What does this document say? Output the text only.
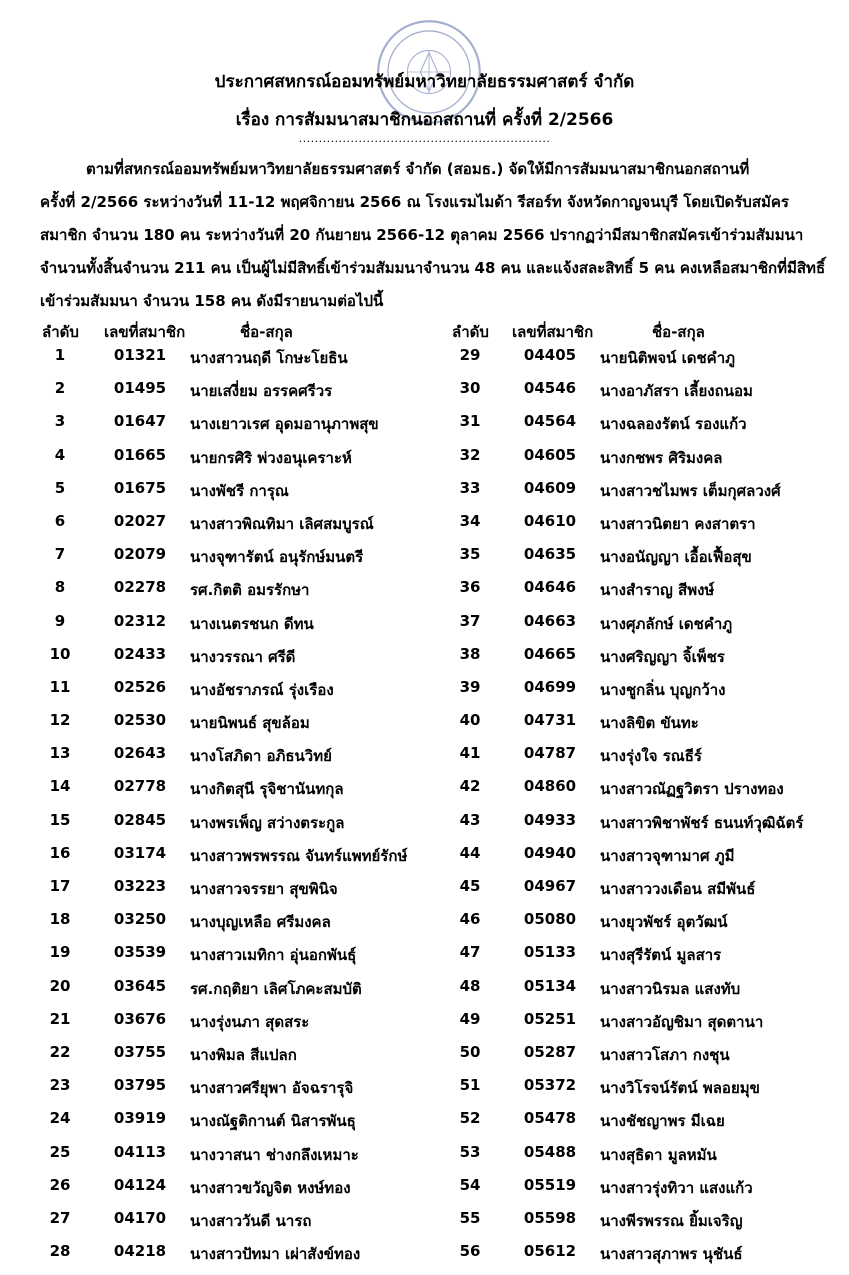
ประกาศสหกรณ์ออมทรัพย์มหาวิทยาลัยธรรมศาสตร์ จำกัด
เรื่อง การสัมมนาสมาชิกนอกสถานที่ ครั้งที่ 2/2566
...............................................................
ตามที่สหกรณ์ออมทรัพย์มหาวิทยาลัยธรรมศาสตร์ จำกัด (สอมธ.) จัดให้มีการสัมมนาสมาชิกนอกสถานที่
ครั้งที่ 2/2566 ระหว่างวันที่ 11-12 พฤศจิกายน 2566 ณ โรงแรมไมด้า รีสอร์ท จังหวัดกาญจนบุรี โดยเปิดรับสมัคร
สมาชิก จำนวน 180 คน ระหว่างวันที่ 20 กันยายน 2566-12 ตุลาคม 2566 ปรากฏว่ามีสมาชิกสมัครเข้าร่วมสัมมนา
จำนวนทั้งสิ้นจำนวน 211 คน เป็นผู้ไม่มีสิทธิ์เข้าร่วมสัมมนาจำนวน 48 คน และแจ้งสละสิทธิ์ 5 คน คงเหลือสมาชิกที่มีสิทธิ์
เข้าร่วมสัมมนา จำนวน 158 คน ดังมีรายนามต่อไปนี้
ลำดับ เลขที่สมาชิก	ชื่อ-สกุล	ลำดับ เลขที่สมาชิก	ชื่อ-สกุล
1	01321	นางสาวนฤดี โกษะโยธิน
2	01495	นายเสงี่ยม อรรคศรีวร
3	01647	นางเยาวเรศ อุดมอานุภาพสุข
4	01665	นายกรศิริ พ่วงอนุเคราะห์
5	01675	นางพัชรี การุณ
6	02027	นางสาวพิณทิมา เลิศสมบูรณ์
7	02079	นางจุฑารัตน์ อนุรักษ์มนตรี
8	02278	รศ.กิตติ อมรรักษา
9	02312	นางเนตรชนก ดีทน
10	02433	นางวรรณา ศรีดี
11	02526	นางอัชราภรณ์ รุ่งเรือง
12	02530	นายนิพนธ์ สุขล้อม
13	02643	นางโสภิดา อภิธนวิทย์
14	02778	นางกิตสุนี รุจิชานันทกุล
15	02845	นางพรเพ็ญ สว่างตระกูล
16	03174	นางสาวพรพรรณ จันทร์แพทย์รักษ์
17	03223	นางสาวจรรยา สุขพินิจ
18	03250	นางบุญเหลือ ศรีมงคล
19	03539	นางสาวเมทิกา อุ่นอกพันธุ์
20	03645	รศ.กฤติยา เลิศโภคะสมบัติ
21	03676	นางรุ่งนภา สุดสระ
22	03755	นางพิมล สีแปลก
23	03795	นางสาวศรียุพา อัจฉรารุจิ
24	03919	นางณัฐติกานต์ นิสารพันธุ
25	04113	นางวาสนา ช่างกลึงเหมาะ
26	04124	นางสาวขวัญจิต หงษ์ทอง
27	04170	นางสาววันดี นารถ
28	04218	นางสาวปัทมา เผ่าสังข์ทอง
29	04405	นายนิติพจน์ เดชคำภู
30	04546	นางอาภัสรา เลี้ยงถนอม
31	04564	นางฉลองรัตน์ รองแก้ว
32	04605	นางกชพร ศิริมงคล
33	04609	นางสาวชไมพร เต็มกุศลวงศ์
34	04610	นางสาวนิตยา คงสาตรา
35	04635	นางอนัญญา เอื้อเฟื้อสุข
36	04646	นางสำราญ สีพงษ์
37	04663	นางศุภลักษ์ เดชคำภู
38	04665	นางศริญญา จิ้เพ็ชร
39	04699	นางชูกลิ่น บุญกว้าง
40	04731	นางลิขิต ขันทะ
41	04787	นางรุ่งใจ รณธีร์
42	04860	นางสาวณัฏฐวิตรา ปรางทอง
43	04933	นางสาวพิชาพัชร์ ธนนท์วุฒิฉัตร์
44	04940	นางสาวจุฑามาศ ภูมี
45	04967	นางสาววงเดือน สมีพันธ์
46	05080	นางยุวพัชร์ อุตวัฒน์
47	05133	นางสุรีรัตน์ มูลสาร
48	05134	นางสาวนิรมล แสงทับ
49	05251	นางสาวอัญชิมา สุดตานา
50	05287	นางสาวโสภา กงชุน
51	05372	นางวิโรจน์รัตน์ พลอยมุข
52	05478	นางชัชญาพร มีเฉย
53	05488	นางสุธิดา มูลหมัน
54	05519	นางสาวรุ่งทิวา แสงแก้ว
55	05598	นางพีรพรรณ ยิ้มเจริญ
56	05612	นางสาวสุภาพร นุชันธ์
